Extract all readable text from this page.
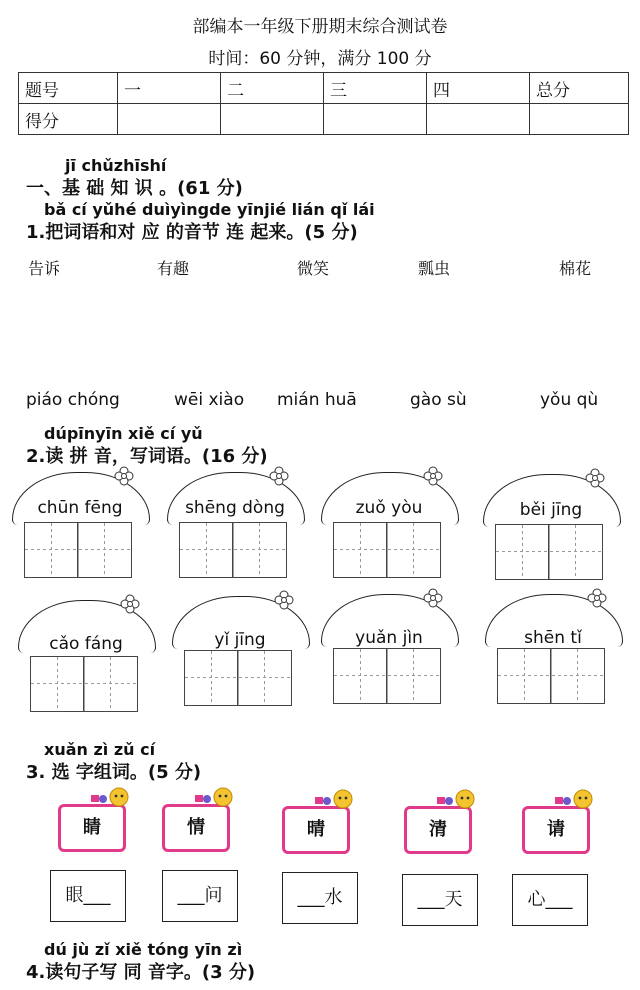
部编本一年级下册期末综合测试卷
时间：60 分钟，满分 100 分
题号	一	二	三	四	总分
得分					
jī chǔzhīshí
一、基 础 知 识 。(61 分)
bǎ cí yǔhé duìyìngde yīnjié lián qǐ lái
1.把词语和对 应 的音节 连 起来。(5 分)
告诉	有趣	微笑	瓢虫	棉花
piáo chóng	wēi xiào mián huā	gào sù	yǒu qù
dúpīnyīn xiě cí yǔ
2.读 拼 音，写词语。(16 分)
chūn fēng	shēng dòng	zuǒ yòu	běi jīng
cǎo fáng	yǐ jīng	yuǎn jìn	shēn tǐ
xuǎn zì zǔ cí
3. 选 字组词。(5 分)
睛	情	晴	清	请
眼___	___问	___水	___天	心___
dú jù zǐ xiě tóng yīn zì
4.读句子写 同 音字。(3 分)
